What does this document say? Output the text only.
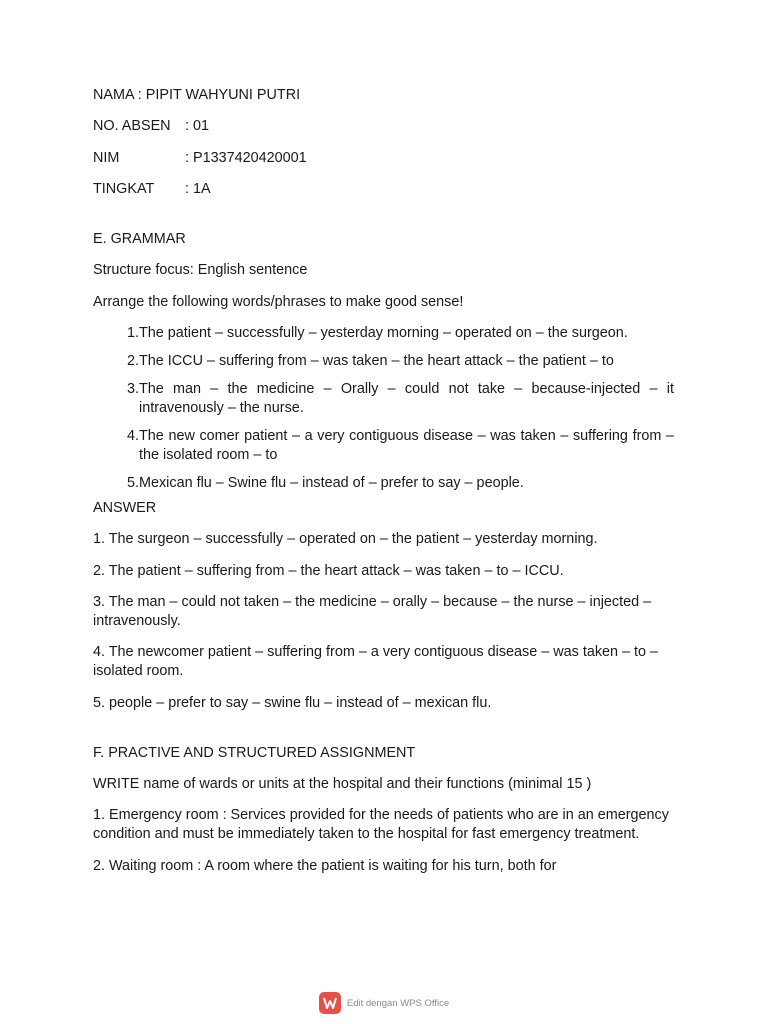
NAMA : PIPIT WAHYUNI PUTRI
NO. ABSEN	: 01
NIM	: P1337420420001
TINGKAT	: 1A

E. GRAMMAR

Structure focus: English sentence

Arrange the following words/phrases to make good sense!

1. The patient – successfully – yesterday morning – operated on – the surgeon.
2. The ICCU – suffering from – was taken – the heart attack – the patient – to
3. The man – the medicine – Orally – could not take – because-injected – it intravenously – the nurse.
4. The new comer patient – a very contiguous disease – was taken – suffering from – the isolated room – to
5. Mexican flu – Swine flu – instead of – prefer to say – people.

ANSWER

1. The surgeon – successfully – operated on – the patient – yesterday morning.

2. The patient – suffering from – the heart attack – was taken – to – ICCU.

3. The man – could not taken – the medicine – orally – because – the nurse – injected – intravenously.

4. The newcomer patient – suffering from – a very contiguous disease – was taken – to – isolated room.

5. people – prefer to say – swine flu – instead of – mexican flu.

F. PRACTIVE AND STRUCTURED ASSIGNMENT

WRITE name of wards or units at the hospital and their functions (minimal 15 )

1. Emergency room : Services provided for the needs of patients who are in an emergency condition and must be immediately taken to the hospital for fast emergency treatment.

2. Waiting room : A room where the patient is waiting for his turn, both for

Edit dengan WPS Office
